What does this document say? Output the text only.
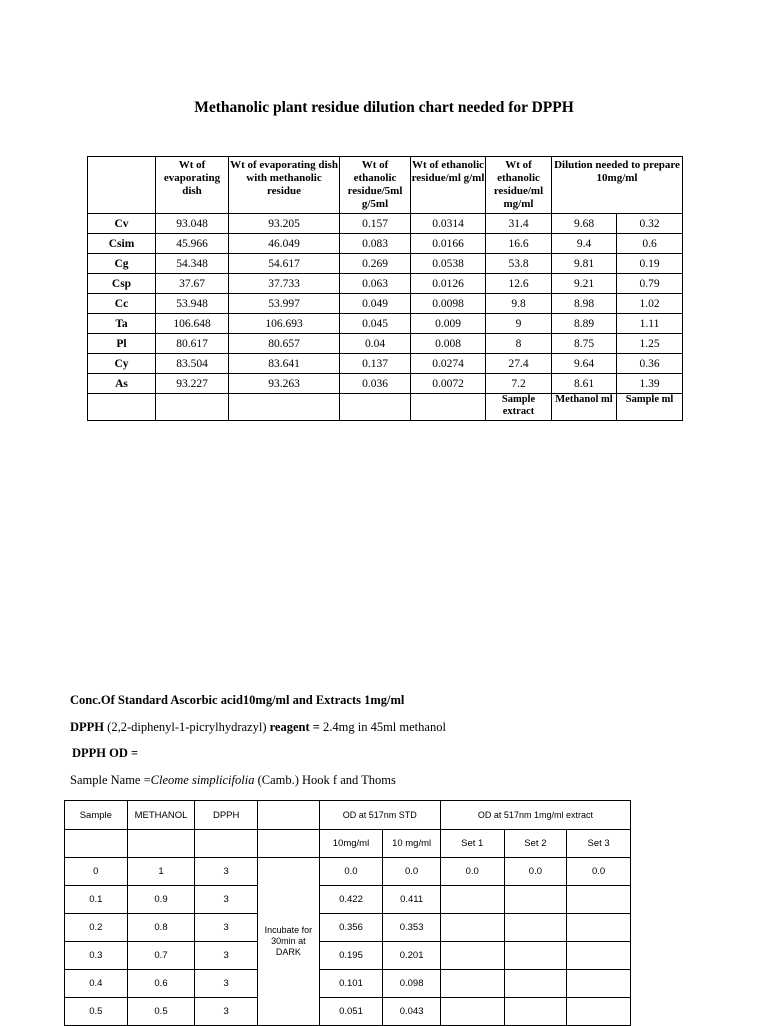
Methanolic plant residue dilution chart needed for DPPH
	Wt of evaporating dish	Wt of evaporating dish with methanolic residue	Wt of ethanolic residue/5ml g/5ml	Wt of ethanolic residue/ml g/ml	Wt of ethanolic residue/ml mg/ml	Dilution needed to prepare 10mg/ml	
Cv	93.048	93.205	0.157	0.0314	31.4	9.68	0.32
Csim	45.966	46.049	0.083	0.0166	16.6	9.4	0.6
Cg	54.348	54.617	0.269	0.0538	53.8	9.81	0.19
Csp	37.67	37.733	0.063	0.0126	12.6	9.21	0.79
Cc	53.948	53.997	0.049	0.0098	9.8	8.98	1.02
Ta	106.648	106.693	0.045	0.009	9	8.89	1.11
Pl	80.617	80.657	0.04	0.008	8	8.75	1.25
Cy	83.504	83.641	0.137	0.0274	27.4	9.64	0.36
As	93.227	93.263	0.036	0.0072	7.2	8.61	1.39
					Sample extract	Methanol ml	Sample ml
Conc.Of Standard Ascorbic acid10mg/ml and Extracts 1mg/ml
DPPH (2,2-diphenyl-1-picrylhydrazyl) reagent = 2.4mg in 45ml methanol
DPPH OD =
Sample Name =Cleome simplicifolia (Camb.) Hook f and Thoms
Sample	METHANOL	DPPH		OD at 517nm STD		OD at 517nm 1mg/ml extract		
				10mg/ml	10 mg/ml	Set 1	Set 2	Set 3
0	1	3	Incubate for 30min at DARK	0.0	0.0	0.0	0.0	0.0
0.1	0.9	3		0.422	0.411			
0.2	0.8	3		0.356	0.353			
0.3	0.7	3		0.195	0.201			
0.4	0.6	3		0.101	0.098			
0.5	0.5	3		0.051	0.043			
